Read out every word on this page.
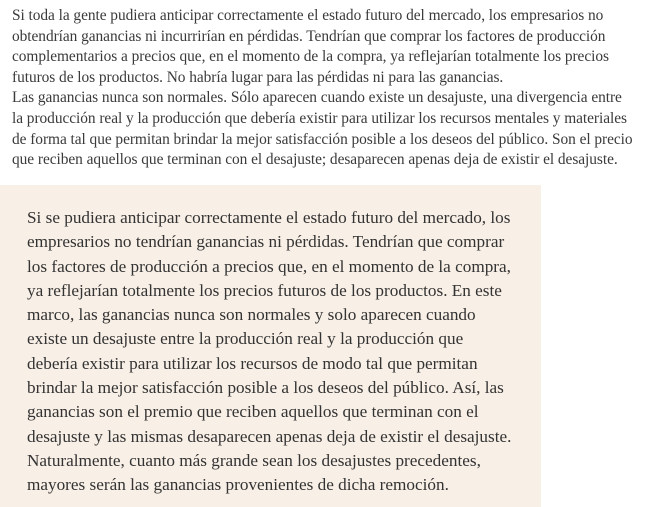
Si toda la gente pudiera anticipar correctamente el estado futuro del mercado, los empresarios no
obtendrían ganancias ni incurrirían en pérdidas. Tendrían que comprar los factores de producción
complementarios a precios que, en el momento de la compra, ya reflejarían totalmente los precios
futuros de los productos. No habría lugar para las pérdidas ni para las ganancias.

Las ganancias nunca son normales. Sólo aparecen cuando existe un desajuste, una divergencia entre
la producción real y la producción que debería existir para utilizar los recursos mentales y materiales
de forma tal que permitan brindar la mejor satisfacción posible a los deseos del público. Son el precio
que reciben aquellos que terminan con el desajuste; desaparecen apenas deja de existir el desajuste.

Si se pudiera anticipar correctamente el estado futuro del mercado, los
empresarios no tendrían ganancias ni pérdidas. Tendrían que comprar
los factores de producción a precios que, en el momento de la compra,
ya reflejarían totalmente los precios futuros de los productos. En este
marco, las ganancias nunca son normales y solo aparecen cuando
existe un desajuste entre la producción real y la producción que
debería existir para utilizar los recursos de modo tal que permitan
brindar la mejor satisfacción posible a los deseos del público. Así, las
ganancias son el premio que reciben aquellos que terminan con el
desajuste y las mismas desaparecen apenas deja de existir el desajuste.
Naturalmente, cuanto más grande sean los desajustes precedentes,
mayores serán las ganancias provenientes de dicha remoción.
